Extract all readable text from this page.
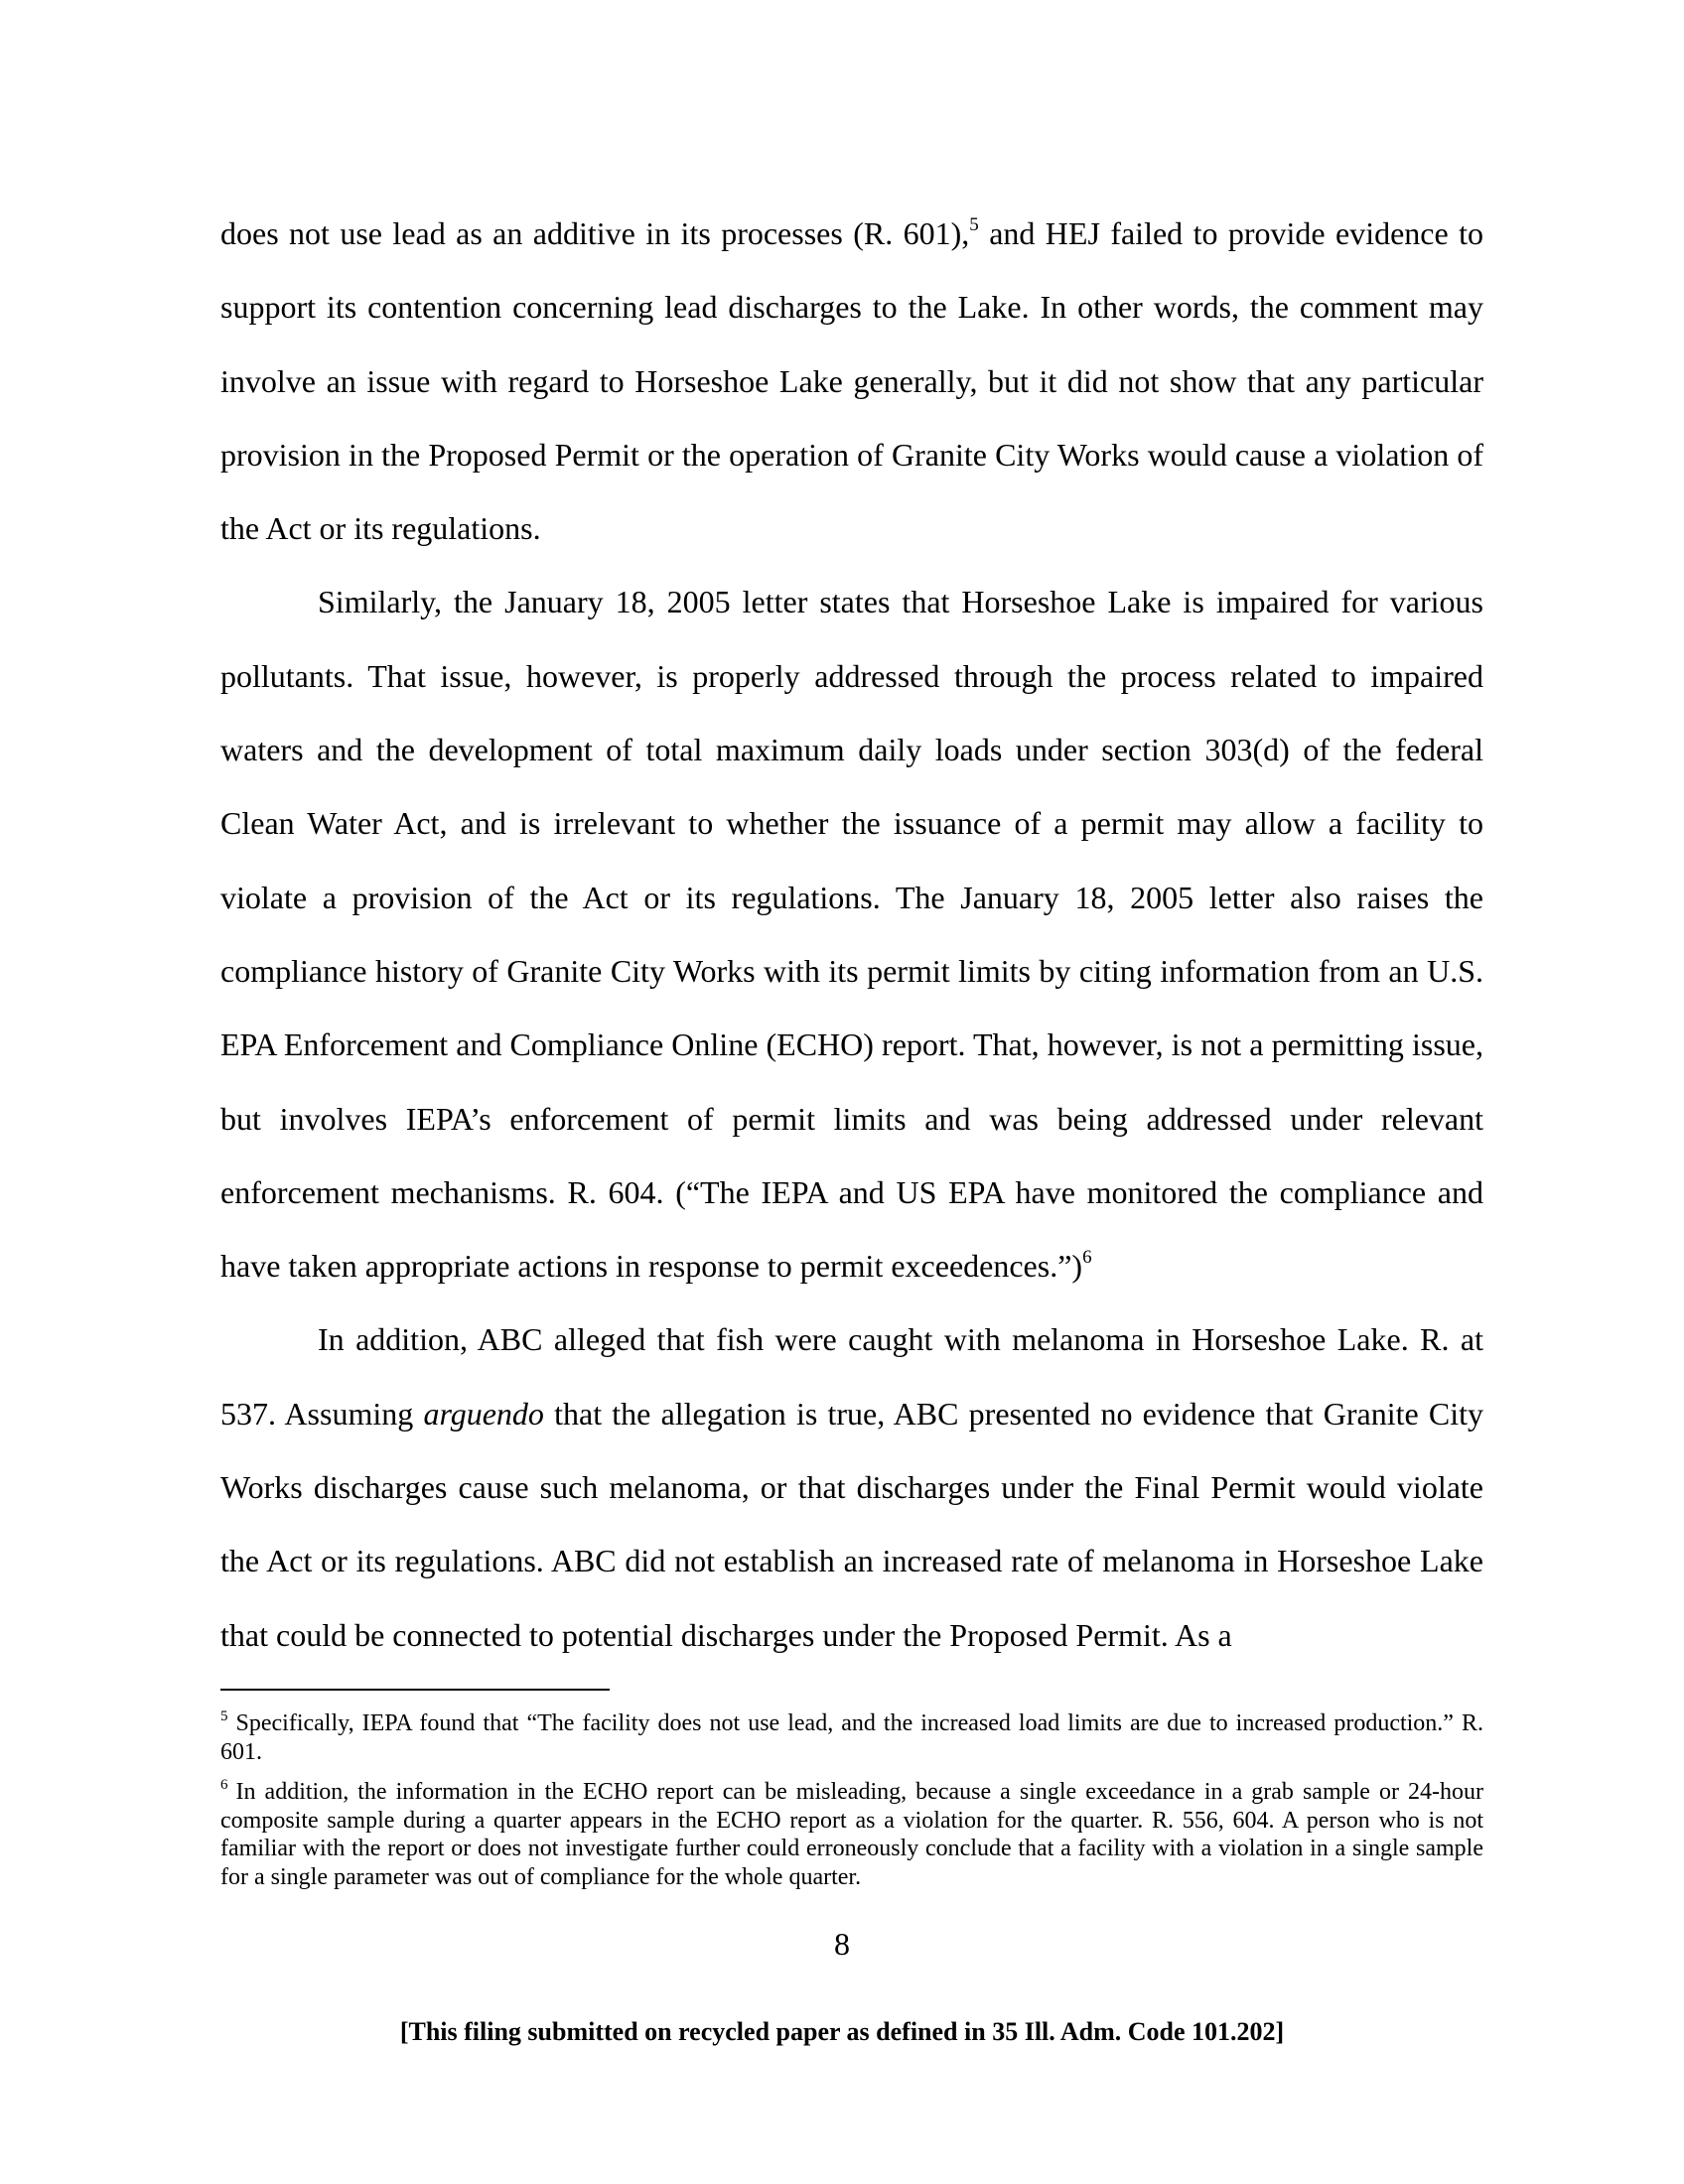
does not use lead as an additive in its processes (R. 601),$^5$ and HEJ failed to provide evidence to support its contention concerning lead discharges to the Lake. In other words, the comment may involve an issue with regard to Horseshoe Lake generally, but it did not show that any particular provision in the Proposed Permit or the operation of Granite City Works would cause a violation of the Act or its regulations.

Similarly, the January 18, 2005 letter states that Horseshoe Lake is impaired for various pollutants. That issue, however, is properly addressed through the process related to impaired waters and the development of total maximum daily loads under section 303(d) of the federal Clean Water Act, and is irrelevant to whether the issuance of a permit may allow a facility to violate a provision of the Act or its regulations. The January 18, 2005 letter also raises the compliance history of Granite City Works with its permit limits by citing information from an U.S. EPA Enforcement and Compliance Online (ECHO) report. That, however, is not a permitting issue, but involves IEPA’s enforcement of permit limits and was being addressed under relevant enforcement mechanisms. R. 604. (“The IEPA and US EPA have monitored the compliance and have taken appropriate actions in response to permit exceedences.”)$^6$

In addition, ABC alleged that fish were caught with melanoma in Horseshoe Lake. R. at 537. Assuming arguendo that the allegation is true, ABC presented no evidence that Granite City Works discharges cause such melanoma, or that discharges under the Final Permit would violate the Act or its regulations. ABC did not establish an increased rate of melanoma in Horseshoe Lake that could be connected to potential discharges under the Proposed Permit. As a

$^5$ Specifically, IEPA found that “The facility does not use lead, and the increased load limits are due to increased production.” R. 601.

$^6$ In addition, the information in the ECHO report can be misleading, because a single exceedance in a grab sample or 24-hour composite sample during a quarter appears in the ECHO report as a violation for the quarter. R. 556, 604. A person who is not familiar with the report or does not investigate further could erroneously conclude that a facility with a violation in a single sample for a single parameter was out of compliance for the whole quarter.

8
[This filing submitted on recycled paper as defined in 35 Ill. Adm. Code 101.202]
